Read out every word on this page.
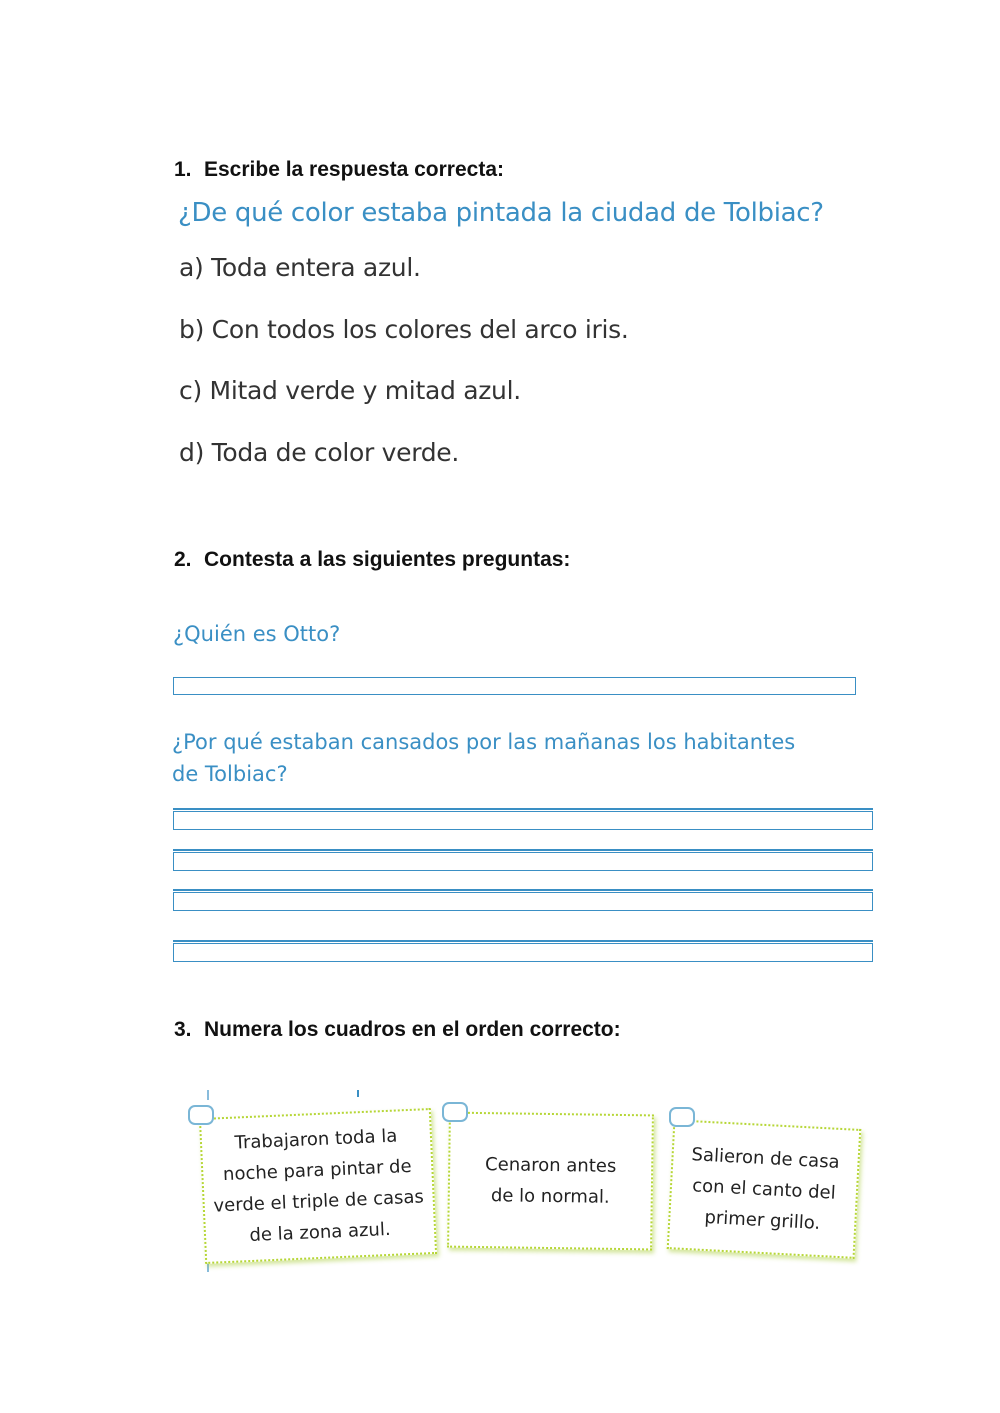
1. Escribe la respuesta correcta:

¿De qué color estaba pintada la ciudad de Tolbiac?

a) Toda entera azul.
b) Con todos los colores del arco iris.
c) Mitad verde y mitad azul.
d) Toda de color verde.
2. Contesta a las siguientes preguntas:

¿Quién es Otto?

¿Por qué estaban cansados por las mañanas los habitantes
de Tolbiac?

3. Numera los cuadros en el orden correcto:
Trabajaron toda la
noche para pintar de
verde el triple de casas
de la zona azul.
Cenaron antes
de lo normal.
Salieron de casa
con el canto del
primer grillo.
